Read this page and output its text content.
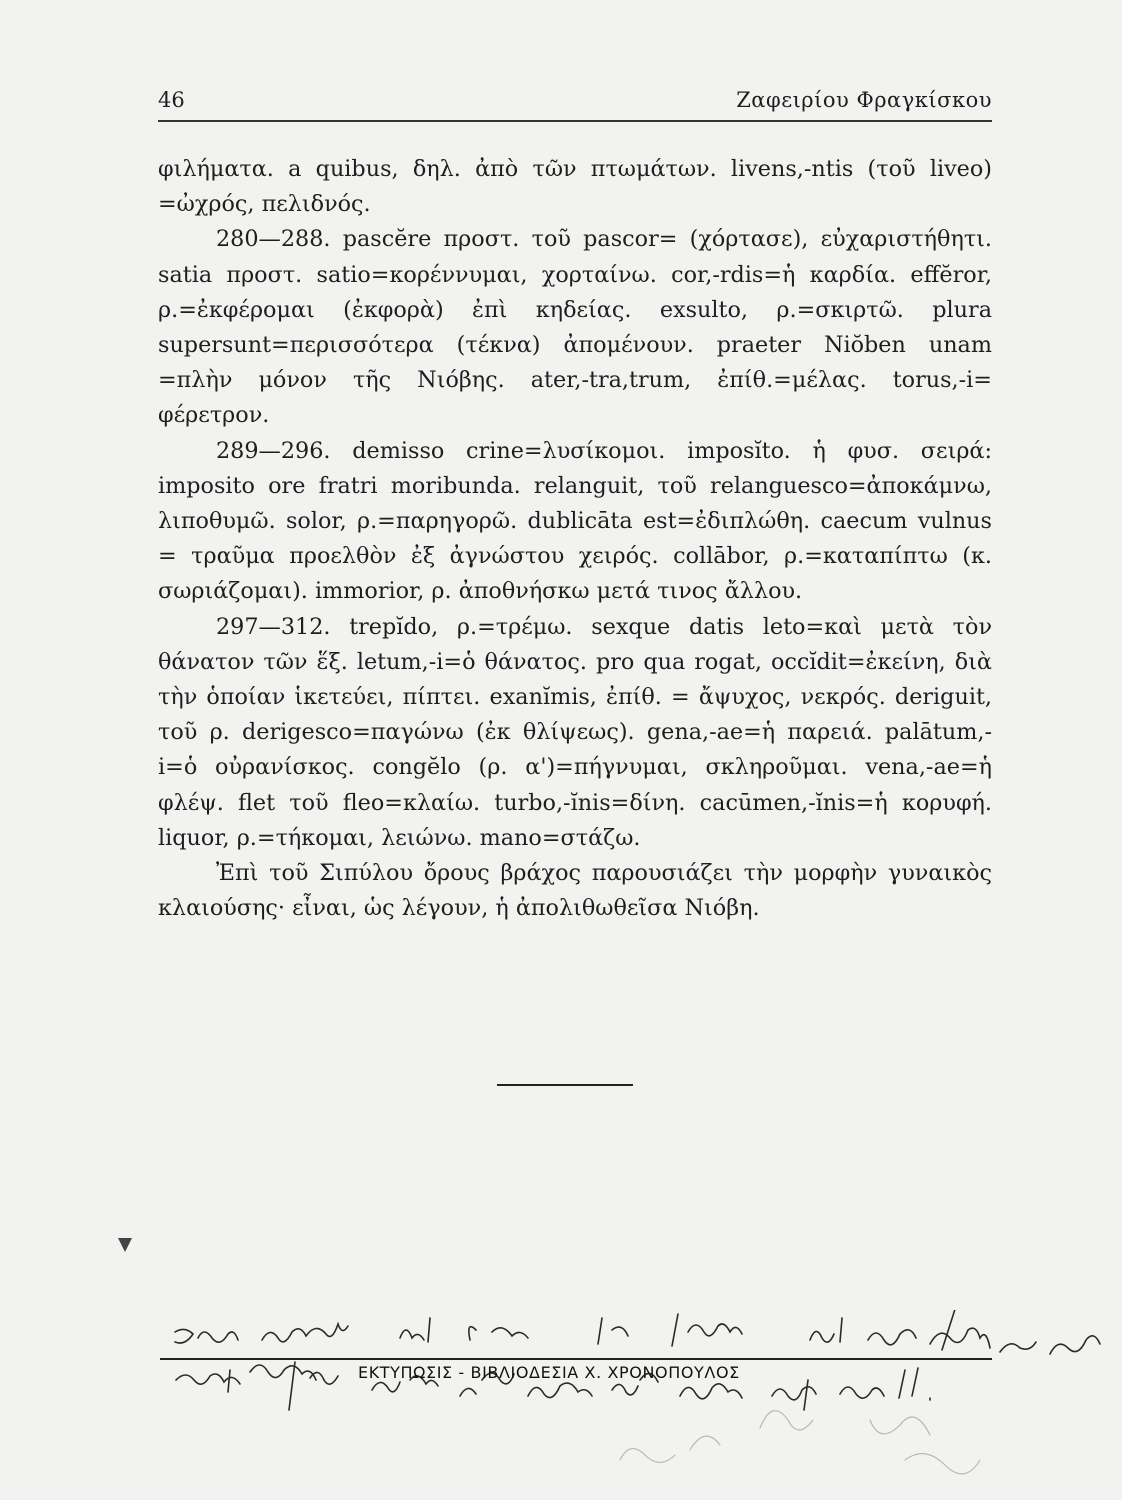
46	Ζαφειρίου Φραγκίσκου

φιλήματα. a quibus, δηλ. ἀπὸ τῶν πτωμάτων. livens,-ntis (τοῦ liveo) =ὠχρός, πελιδνός.

280—288. pascĕre προστ. τοῦ pascor= (χόρτασε), εὐχαριστήθητι. satia προστ. satio=κορέννυμαι, χορταίνω. cor,-rdis=ἡ καρδία. effĕror, ρ.=ἐκφέρομαι (ἐκφορὰ) ἐπὶ κηδείας. exsulto, ρ.=σκιρτῶ. plura supersunt=περισσότερα (τέκνα) ἀπομένουν. praeter Niŏben unam =πλὴν μόνον τῆς Νιόβης. ater,-tra,trum, ἐπίθ.=μέλας. torus,-i= φέρετρον.

289—296. demisso crine=λυσίκομοι. imposĭto. ἡ φυσ. σειρά: imposito ore fratri moribunda. relanguit, τοῦ relanguesco=ἀποκάμνω, λιποθυμῶ. solor, ρ.=παρηγορῶ. dublicāta est=ἐδιπλώθη. caecum vulnus = τραῦμα προελθὸν ἐξ ἀγνώστου χειρός. collābor, ρ.=καταπίπτω (κ. σωριάζομαι). immorior, ρ. ἀποθνήσκω μετά τινος ἄλλου.

297—312. trepĭdo, ρ.=τρέμω. sexque datis leto=καὶ μετὰ τὸν θάνατον τῶν ἕξ. letum,-i=ὁ θάνατος. pro qua rogat, occĭdit=ἐκείνη, διὰ τὴν ὁποίαν ἱκετεύει, πίπτει. exanĭmis, ἐπίθ. = ἄψυχος, νεκρός. deriguit, τοῦ ρ. derigesco=παγώνω (ἐκ θλίψεως). gena,-ae=ἡ παρειά. palātum,-i=ὁ οὐρανίσκος. congĕlo (ρ. α')=πήγνυμαι, σκληροῦμαι. vena,-ae=ἡ φλέψ. flet τοῦ fleo=κλαίω. turbo,-ĭnis=δίνη. cacūmen,-ĭnis=ἡ κορυφή. liquor, ρ.=τήκομαι, λειώνω. mano=στάζω.

Ἐπὶ τοῦ Σιπύλου ὄρους βράχος παρουσιάζει τὴν μορφὴν γυναικὸς κλαιούσης· εἶναι, ὡς λέγουν, ἡ ἀπολιθωθεῖσα Νιόβη.

ΕΚΤΥΠΩΣΙΣ - ΒΙΒΛΙΟΔΕΣΙΑ Χ. ΧΡΟΝΟΠΟΥΛΟΣ
